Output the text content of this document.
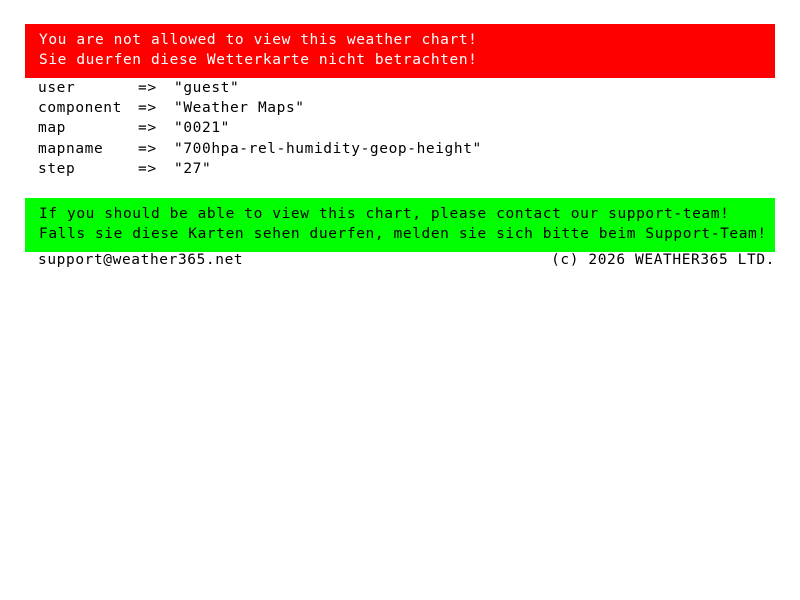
You are not allowed to view this weather chart!
Sie duerfen diese Wetterkarte nicht betrachten!
user	=>	"guest"
component	=>	"Weather Maps"
map	=>	"0021"
mapname	=>	"700hpa-rel-humidity-geop-height"
step	=>	"27"
If you should be able to view this chart, please contact our support-team!
Falls sie diese Karten sehen duerfen, melden sie sich bitte beim Support-Team!
support@weather365.net	(c) 2026 WEATHER365 LTD.
